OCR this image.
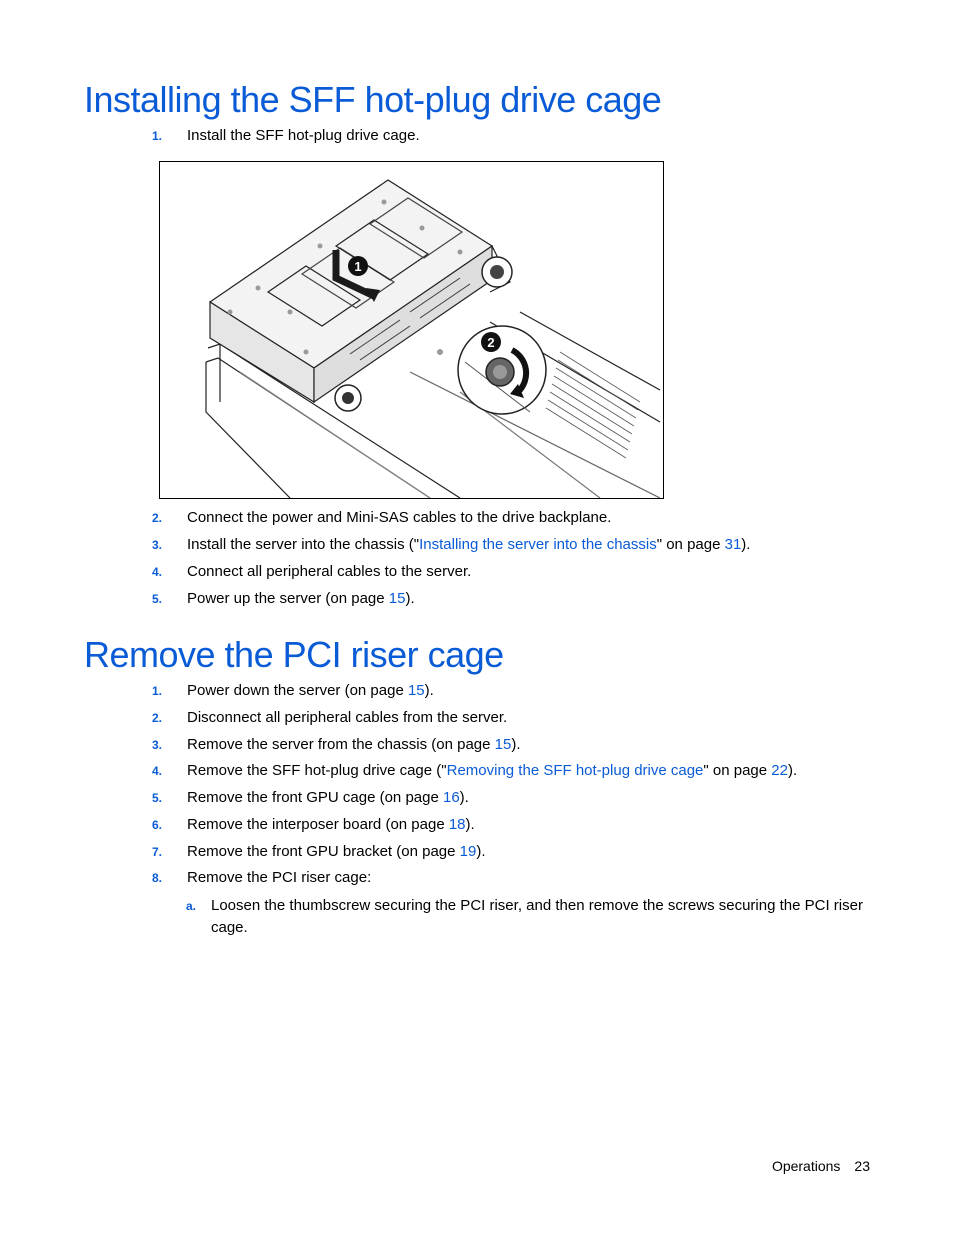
Installing the SFF hot-plug drive cage
1.	Install the SFF hot-plug drive cage.
1
2
2.	Connect the power and Mini-SAS cables to the drive backplane.
3.	Install the server into the chassis ("Installing the server into the chassis" on page 31).
4.	Connect all peripheral cables to the server.
5.	Power up the server (on page 15).
Remove the PCI riser cage
1.	Power down the server (on page 15).
2.	Disconnect all peripheral cables from the server.
3.	Remove the server from the chassis (on page 15).
4.	Remove the SFF hot-plug drive cage ("Removing the SFF hot-plug drive cage" on page 22).
5.	Remove the front GPU cage (on page 16).
6.	Remove the interposer board (on page 18).
7.	Remove the front GPU bracket (on page 19).
8.	Remove the PCI riser cage:
a. Loosen the thumbscrew securing the PCI riser, and then remove the screws securing the PCI riser cage.
Operations 23
